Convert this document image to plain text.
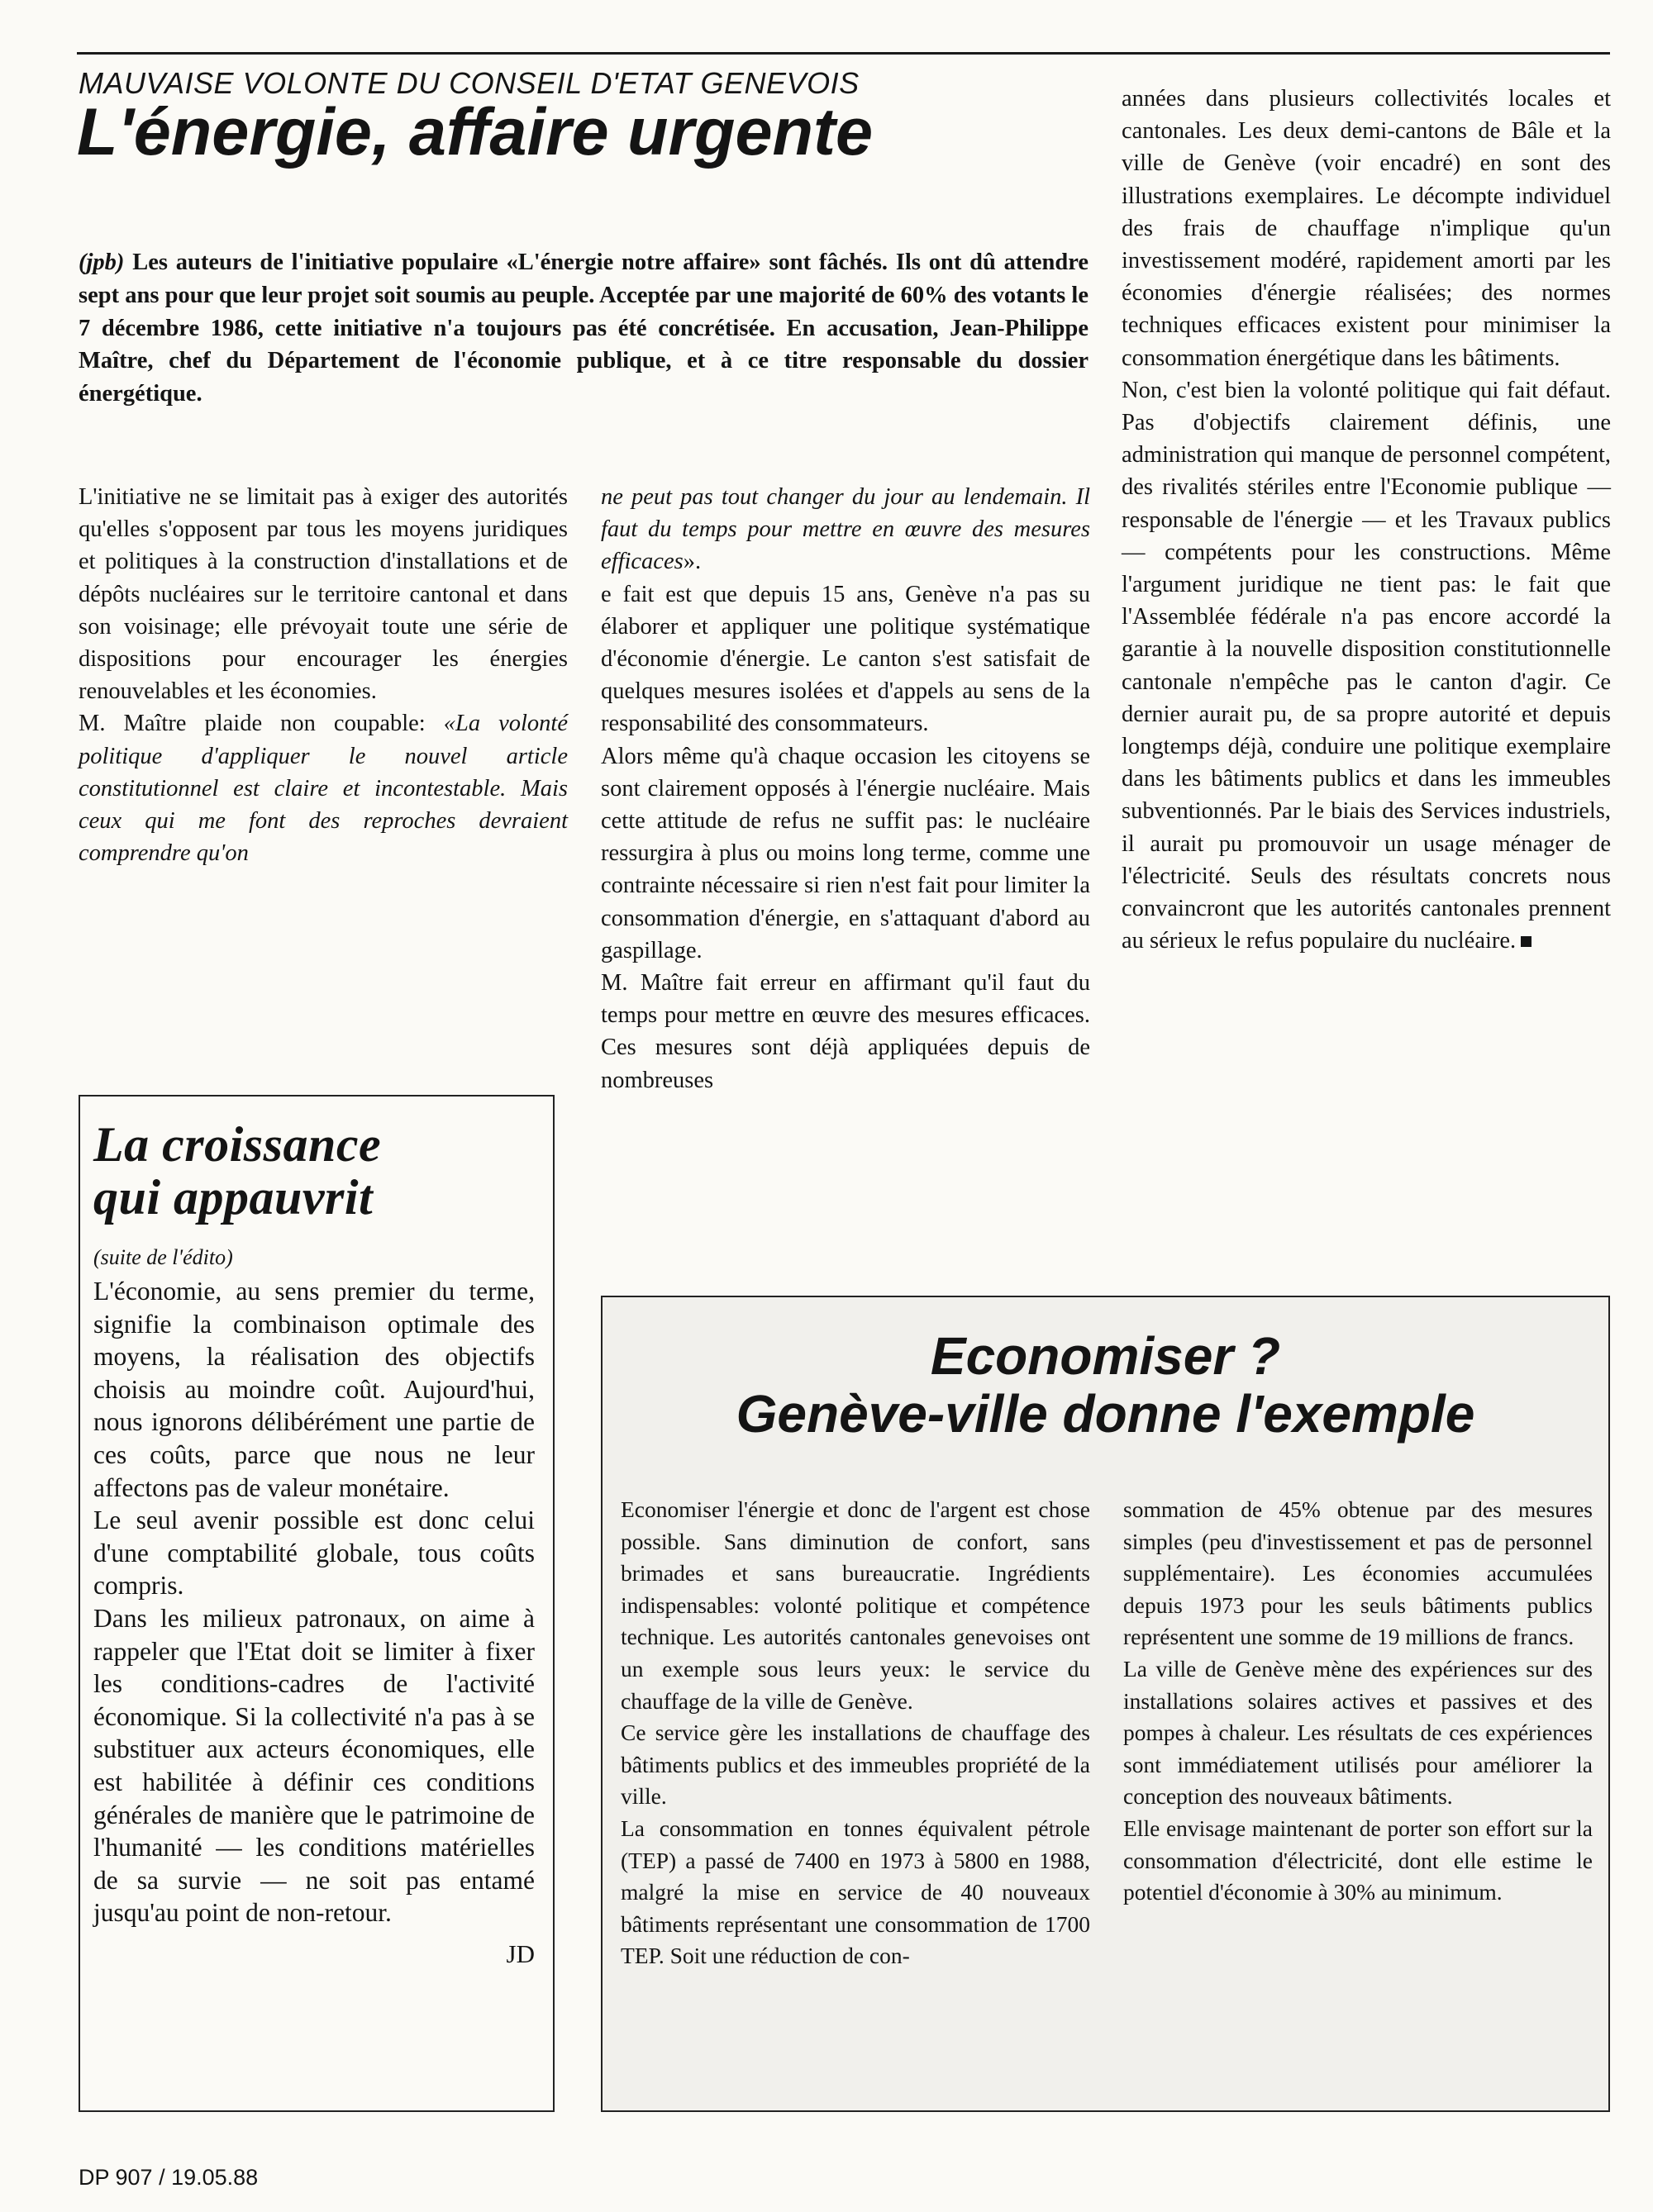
MAUVAISE VOLONTE DU CONSEIL D'ETAT GENEVOIS

L'énergie, affaire urgente

(jpb) Les auteurs de l'initiative populaire «L'énergie notre affaire» sont fâchés. Ils ont dû attendre sept ans pour que leur projet soit soumis au peuple. Acceptée par une majorité de 60% des votants le 7 décembre 1986, cette initiative n'a toujours pas été concrétisée. En accusation, Jean-Philippe Maître, chef du Département de l'économie publique, et à ce titre responsable du dossier énergétique.

L'initiative ne se limitait pas à exiger des autorités qu'elles s'opposent par tous les moyens juridiques et politiques à la construction d'installations et de dépôts nucléaires sur le territoire cantonal et dans son voisinage; elle prévoyait toute une série de dispositions pour encourager les énergies renouvelables et les économies.

M. Maître plaide non coupable: «La volonté politique d'appliquer le nouvel article constitutionnel est claire et incontestable. Mais ceux qui me font des reproches devraient comprendre qu'on

ne peut pas tout changer du jour au lendemain. Il faut du temps pour mettre en œuvre des mesures efficaces».

e fait est que depuis 15 ans, Genève n'a pas su élaborer et appliquer une politique systématique d'économie d'énergie. Le canton s'est satisfait de quelques mesures isolées et d'appels au sens de la responsabilité des consommateurs.

Alors même qu'à chaque occasion les citoyens se sont clairement opposés à l'énergie nucléaire. Mais cette attitude de refus ne suffit pas: le nucléaire ressurgira à plus ou moins long terme, comme une contrainte nécessaire si rien n'est fait pour limiter la consommation d'énergie, en s'attaquant d'abord au gaspillage.

M. Maître fait erreur en affirmant qu'il faut du temps pour mettre en œuvre des mesures efficaces. Ces mesures sont déjà appliquées depuis de nombreuses

années dans plusieurs collectivités locales et cantonales. Les deux demi-cantons de Bâle et la ville de Genève (voir encadré) en sont des illustrations exemplaires. Le décompte individuel des frais de chauffage n'implique qu'un investissement modéré, rapidement amorti par les économies d'énergie réalisées; des normes techniques efficaces existent pour minimiser la consommation énergétique dans les bâtiments.

Non, c'est bien la volonté politique qui fait défaut. Pas d'objectifs clairement définis, une administration qui manque de personnel compétent, des rivalités stériles entre l'Economie publique — responsable de l'énergie — et les Travaux publics — compétents pour les constructions. Même l'argument juridique ne tient pas: le fait que l'Assemblée fédérale n'a pas encore accordé la garantie à la nouvelle disposition constitutionnelle cantonale n'empêche pas le canton d'agir. Ce dernier aurait pu, de sa propre autorité et depuis longtemps déjà, conduire une politique exemplaire dans les bâtiments publics et dans les immeubles subventionnés. Par le biais des Services industriels, il aurait pu promouvoir un usage ménager de l'électricité. Seuls des résultats concrets nous convaincront que les autorités cantonales prennent au sérieux le refus populaire du nucléaire.

La croissance
qui appauvrit

(suite de l'édito)

L'économie, au sens premier du terme, signifie la combinaison optimale des moyens, la réalisation des objectifs choisis au moindre coût. Aujourd'hui, nous ignorons délibérément une partie de ces coûts, parce que nous ne leur affectons pas de valeur monétaire.

Le seul avenir possible est donc celui d'une comptabilité globale, tous coûts compris.

Dans les milieux patronaux, on aime à rappeler que l'Etat doit se limiter à fixer les conditions-cadres de l'activité économique. Si la collectivité n'a pas à se substituer aux acteurs économiques, elle est habilitée à définir ces conditions générales de manière que le patrimoine de l'humanité — les conditions matérielles de sa survie — ne soit pas entamé jusqu'au point de non-retour.

JD
Economiser ?
Genève-ville donne l'exemple

Economiser l'énergie et donc de l'argent est chose possible. Sans diminution de confort, sans brimades et sans bureaucratie. Ingrédients indispensables: volonté politique et compétence technique. Les autorités cantonales genevoises ont un exemple sous leurs yeux: le service du chauffage de la ville de Genève.

Ce service gère les installations de chauffage des bâtiments publics et des immeubles propriété de la ville.

La consommation en tonnes équivalent pétrole (TEP) a passé de 7400 en 1973 à 5800 en 1988, malgré la mise en service de 40 nouveaux bâtiments représentant une consommation de 1700 TEP. Soit une réduction de con-

sommation de 45% obtenue par des mesures simples (peu d'investissement et pas de personnel supplémentaire). Les économies accumulées depuis 1973 pour les seuls bâtiments publics représentent une somme de 19 millions de francs.

La ville de Genève mène des expériences sur des installations solaires actives et passives et des pompes à chaleur. Les résultats de ces expériences sont immédiatement utilisés pour améliorer la conception des nouveaux bâtiments.

Elle envisage maintenant de porter son effort sur la consommation d'électricité, dont elle estime le potentiel d'économie à 30% au minimum.

DP 907 / 19.05.88
